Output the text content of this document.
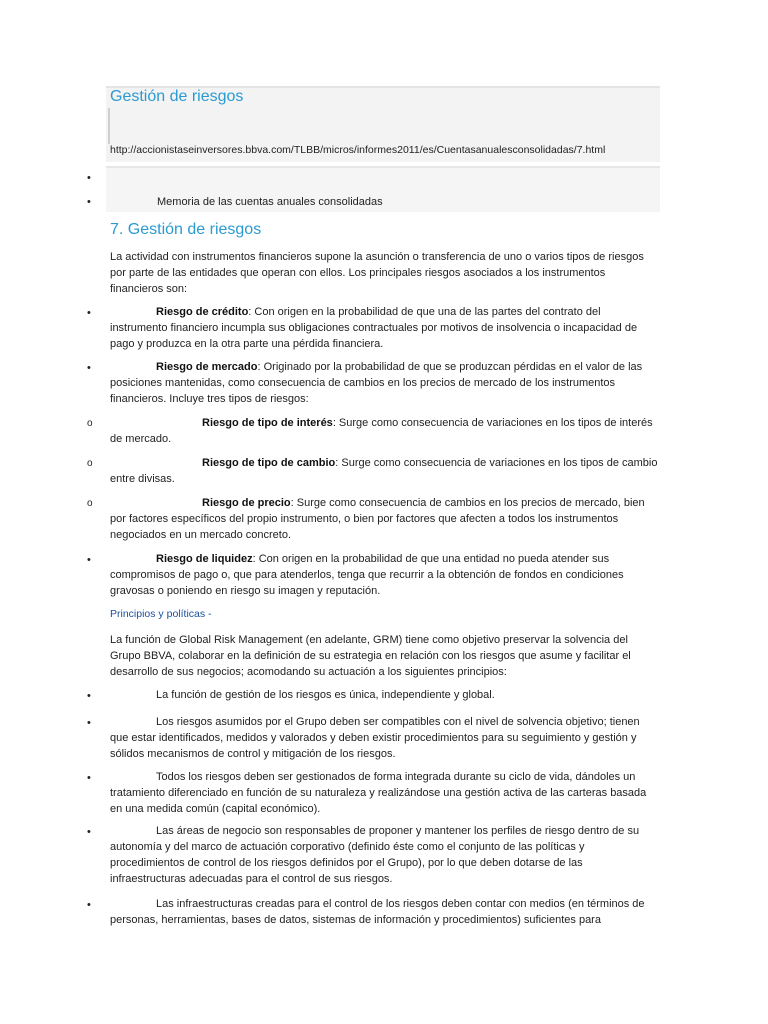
Gestión de riesgos
http://accionistaseinversores.bbva.com/TLBB/micros/informes2011/es/Cuentasanualesconsolidadas/7.html
•
•	Memoria de las cuentas anuales consolidadas
7. Gestión de riesgos
La actividad con instrumentos financieros supone la asunción o transferencia de uno o varios tipos de riesgos por parte de las entidades que operan con ellos. Los principales riesgos asociados a los instrumentos financieros son:
•	Riesgo de crédito: Con origen en la probabilidad de que una de las partes del contrato del instrumento financiero incumpla sus obligaciones contractuales por motivos de insolvencia o incapacidad de pago y produzca en la otra parte una pérdida financiera.
•	Riesgo de mercado: Originado por la probabilidad de que se produzcan pérdidas en el valor de las posiciones mantenidas, como consecuencia de cambios en los precios de mercado de los instrumentos financieros. Incluye tres tipos de riesgos:
o	Riesgo de tipo de interés: Surge como consecuencia de variaciones en los tipos de interés de mercado.
o	Riesgo de tipo de cambio: Surge como consecuencia de variaciones en los tipos de cambio entre divisas.
o	Riesgo de precio: Surge como consecuencia de cambios en los precios de mercado, bien por factores específicos del propio instrumento, o bien por factores que afecten a todos los instrumentos negociados en un mercado concreto.
•	Riesgo de liquidez: Con origen en la probabilidad de que una entidad no pueda atender sus compromisos de pago o, que para atenderlos, tenga que recurrir a la obtención de fondos en condiciones gravosas o poniendo en riesgo su imagen y reputación.
Principios y políticas -
La función de Global Risk Management (en adelante, GRM) tiene como objetivo preservar la solvencia del Grupo BBVA, colaborar en la definición de su estrategia en relación con los riesgos que asume y facilitar el desarrollo de sus negocios; acomodando su actuación a los siguientes principios:
•	La función de gestión de los riesgos es única, independiente y global.
•	Los riesgos asumidos por el Grupo deben ser compatibles con el nivel de solvencia objetivo; tienen que estar identificados, medidos y valorados y deben existir procedimientos para su seguimiento y gestión y sólidos mecanismos de control y mitigación de los riesgos.
•	Todos los riesgos deben ser gestionados de forma integrada durante su ciclo de vida, dándoles un tratamiento diferenciado en función de su naturaleza y realizándose una gestión activa de las carteras basada en una medida común (capital económico).
•	Las áreas de negocio son responsables de proponer y mantener los perfiles de riesgo dentro de su autonomía y del marco de actuación corporativo (definido éste como el conjunto de las políticas y procedimientos de control de los riesgos definidos por el Grupo), por lo que deben dotarse de las infraestructuras adecuadas para el control de sus riesgos.
•	Las infraestructuras creadas para el control de los riesgos deben contar con medios (en términos de personas, herramientas, bases de datos, sistemas de información y procedimientos) suficientes para
